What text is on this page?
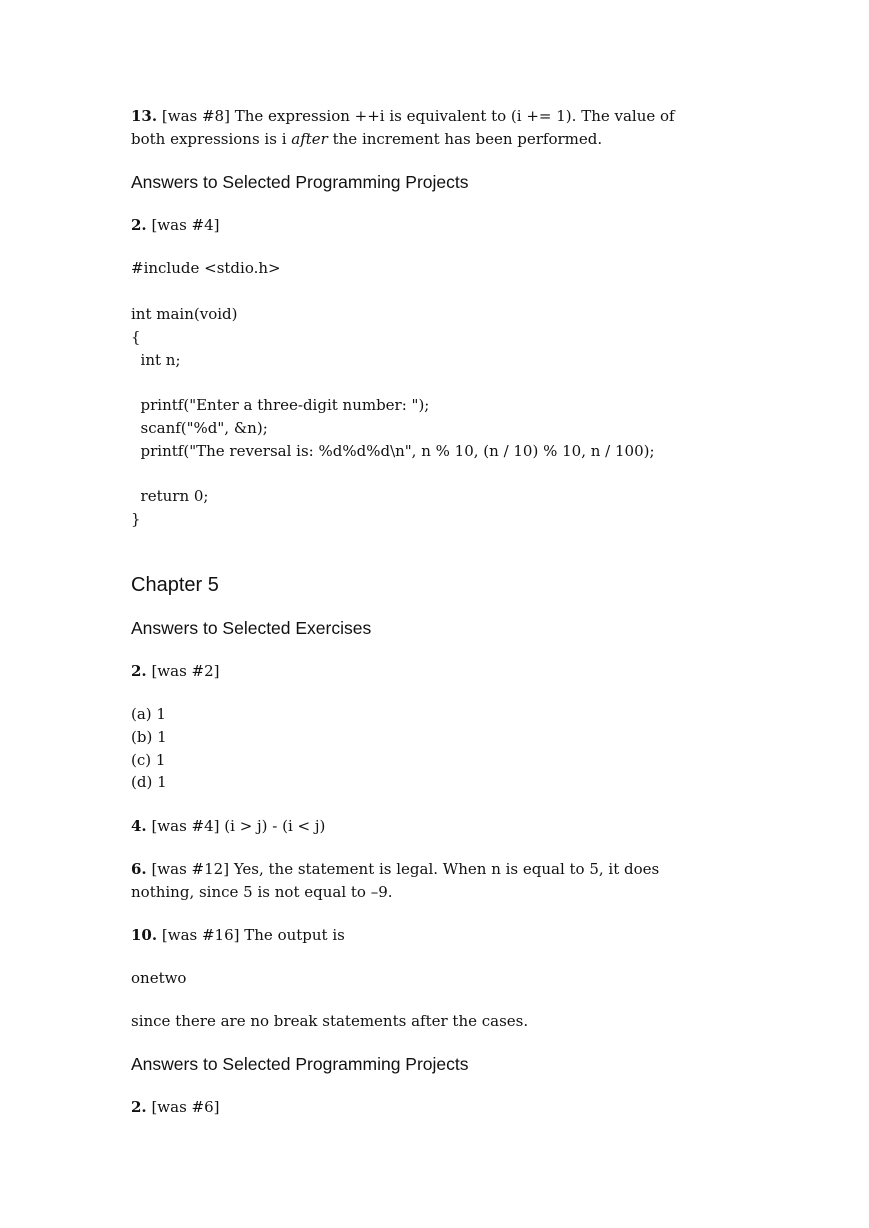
13. [was #8] The expression ++i is equivalent to (i += 1). The value of
both expressions is i after the increment has been performed.
Answers to Selected Programming Projects
2. [was #4]
#include <stdio.h>
int main(void)
{
int n;
printf("Enter a three-digit number: ");
scanf("%d", &n);
printf("The reversal is: %d%d%d\n", n % 10, (n / 10) % 10, n / 100);
return 0;
}
Chapter 5
Answers to Selected Exercises
2. [was #2]
(a) 1
(b) 1
(c) 1
(d) 1
4. [was #4] (i > j) - (i < j)
6. [was #12] Yes, the statement is legal. When n is equal to 5, it does
nothing, since 5 is not equal to –9.
10. [was #16] The output is
onetwo
since there are no break statements after the cases.
Answers to Selected Programming Projects
2. [was #6]
